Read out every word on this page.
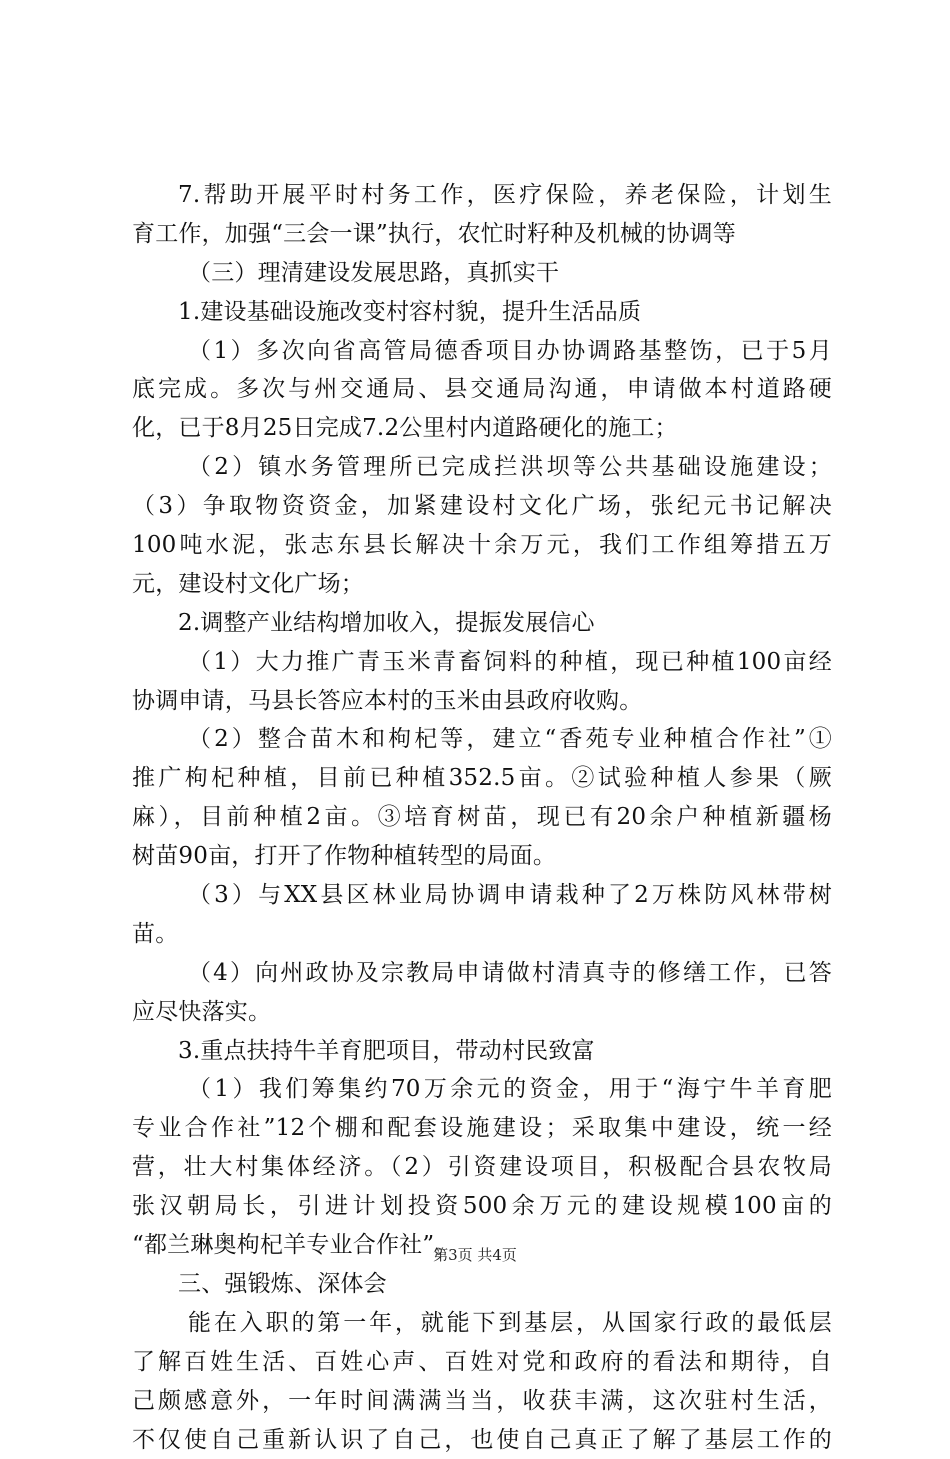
7.帮助开展平时村务工作，医疗保险，养老保险，计划生
育工作，加强“三会一课”执行，农忙时籽种及机械的协调等
（三）理清建设发展思路，真抓实干
1.建设基础设施改变村容村貌，提升生活品质
（1）多次向省高管局德香项目办协调路基整饬，已于5月
底完成。多次与州交通局、县交通局沟通，申请做本村道路硬
化，已于8月25日完成7.2公里村内道路硬化的施工；
（2）镇水务管理所已完成拦洪坝等公共基础设施建设；
（3）争取物资资金，加紧建设村文化广场，张纪元书记解决
100吨水泥，张志东县长解决十余万元，我们工作组筹措五万
元，建设村文化广场；
2.调整产业结构增加收入，提振发展信心
（1）大力推广青玉米青畜饲料的种植，现已种植100亩经
协调申请，马县长答应本村的玉米由县政府收购。
（2）整合苗木和枸杞等，建立“香苑专业种植合作社”①
推广枸杞种植，目前已种植352.5亩。②试验种植人参果（厥
麻），目前种植2亩。③培育树苗，现已有20余户种植新疆杨
树苗90亩，打开了作物种植转型的局面。
（3）与XX县区林业局协调申请栽种了2万株防风林带树
苗。
（4）向州政协及宗教局申请做村清真寺的修缮工作，已答
应尽快落实。
3.重点扶持牛羊育肥项目，带动村民致富
（1）我们筹集约70万余元的资金，用于“海宁牛羊育肥
专业合作社”12个棚和配套设施建设；采取集中建设，统一经
营，壮大村集体经济。（2）引资建设项目，积极配合县农牧局
张汉朝局长，引进计划投资500余万元的建设规模100亩的
“都兰琳奥枸杞羊专业合作社”。
三、强锻炼、深体会
能在入职的第一年，就能下到基层，从国家行政的最低层
了解百姓生活、百姓心声、百姓对党和政府的看法和期待，自
己颇感意外，一年时间满满当当，收获丰满，这次驻村生活，
不仅使自己重新认识了自己，也使自己真正了解了基层工作的
第3页 共4页
